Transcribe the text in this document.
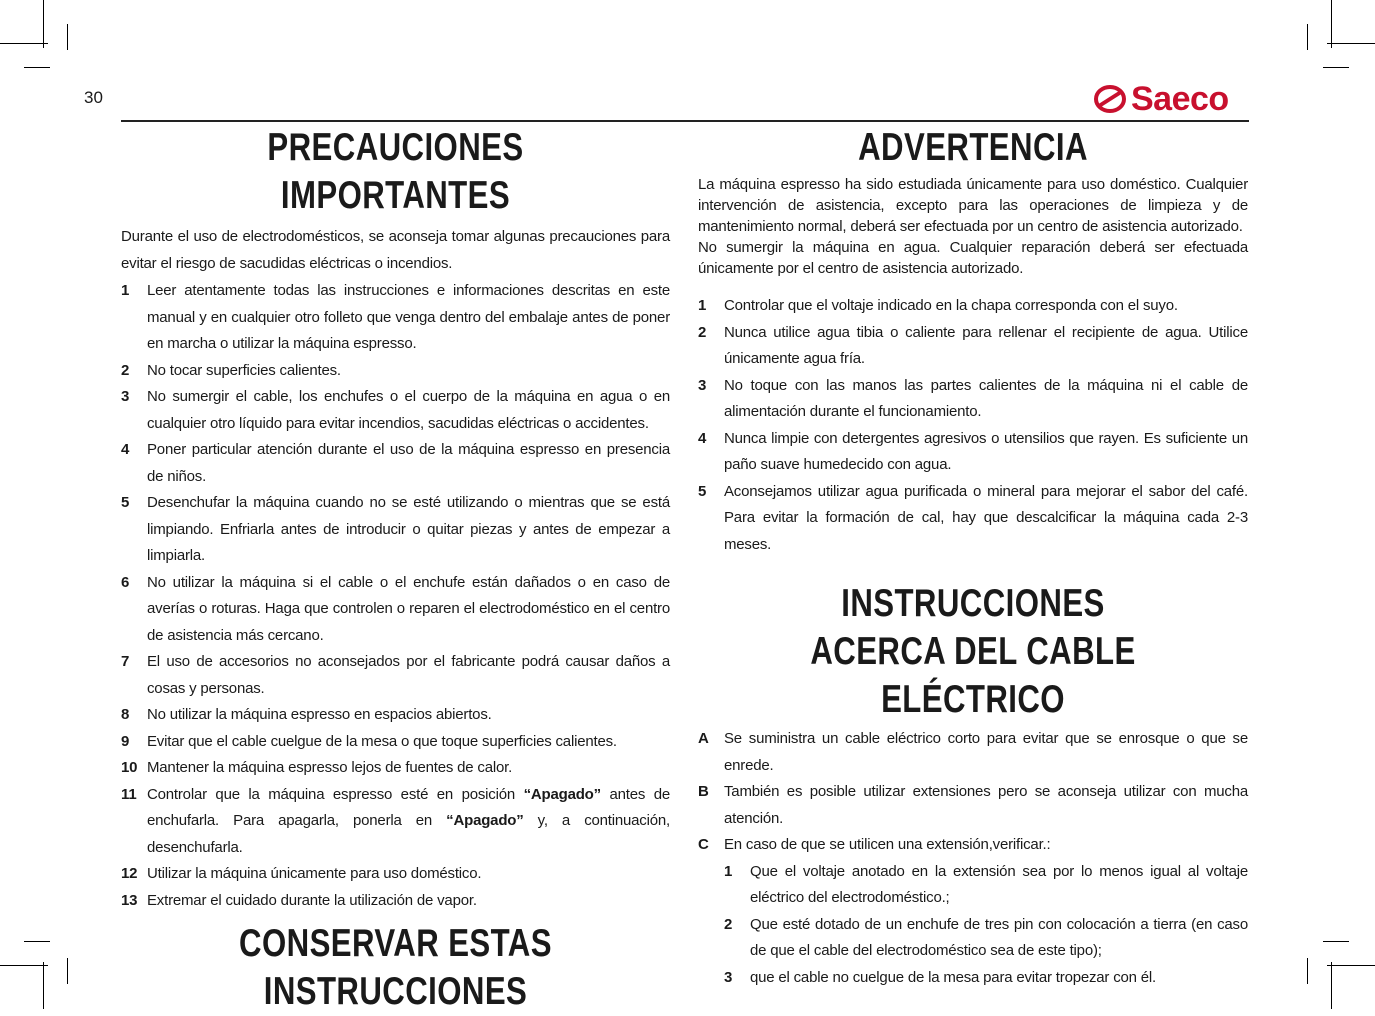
30	Saeco
PRECAUCIONES IMPORTANTES

Durante el uso de electrodomésticos, se aconseja tomar algunas precauciones para evitar el riesgo de sacudidas eléctricas o incendios.

1	Leer atentamente todas las instrucciones e informaciones descritas en este manual y en cualquier otro folleto que venga dentro del embalaje antes de poner en marcha o utilizar la máquina espresso.
2	No tocar superficies calientes.
3	No sumergir el cable, los enchufes o el cuerpo de la máquina en agua o en cualquier otro líquido para evitar incendios, sacudidas eléctricas o accidentes.
4	Poner particular atención durante el uso de la máquina espresso en presencia de niños.
5	Desenchufar la máquina cuando no se esté utilizando o mientras que se está limpiando. Enfriarla antes de introducir o quitar piezas y antes de empezar a limpiarla.
6	No utilizar la máquina si el cable o el enchufe están dañados o en caso de averías o roturas. Haga que controlen o reparen el electrodoméstico en el centro de asistencia más cercano.
7	El uso de accesorios no aconsejados por el fabricante podrá causar daños a cosas y personas.
8	No utilizar la máquina espresso en espacios abiertos.
9	Evitar que el cable cuelgue de la mesa o que toque superficies calientes.
10 Mantener la máquina espresso lejos de fuentes de calor.
11 Controlar que la máquina espresso esté en posición “Apagado” antes de enchufarla. Para apagarla, ponerla en “Apagado” y, a continuación, desenchufarla.
12 Utilizar la máquina únicamente para uso doméstico.
13 Extremar el cuidado durante la utilización de vapor.
CONSERVAR ESTAS INSTRUCCIONES
ADVERTENCIA

La máquina espresso ha sido estudiada únicamente para uso doméstico. Cualquier intervención de asistencia, excepto para las operaciones de limpieza y de mantenimiento normal, deberá ser efectuada por un centro de asistencia autorizado.

No sumergir la máquina en agua. Cualquier reparación deberá ser efectuada únicamente por el centro de asistencia autorizado.

1	Controlar que el voltaje indicado en la chapa corresponda con el suyo.
2	Nunca utilice agua tibia o caliente para rellenar el recipiente de agua. Utilice únicamente agua fría.
3	No toque con las manos las partes calientes de la máquina ni el cable de alimentación durante el funcionamiento.
4	Nunca limpie con detergentes agresivos o utensilios que rayen. Es suficiente un paño suave humedecido con agua.
5	Aconsejamos utilizar agua purificada o mineral para mejorar el sabor del café. Para evitar la formación de cal, hay que descalcificar la máquina cada 2-3 meses.
INSTRUCCIONES ACERCA DEL CABLE ELÉCTRICO
A	Se suministra un cable eléctrico corto para evitar que se enrosque o que se enrede.
B	También es posible utilizar extensiones pero se aconseja utilizar con mucha atención.
C	En caso de que se utilicen una extensión,verificar.:
1	Que el voltaje anotado en la extensión sea por lo menos igual al voltaje eléctrico del electrodoméstico.;
2	Que esté dotado de un enchufe de tres pin con colocación a tierra (en caso de que el cable del electrodoméstico sea de este tipo);
3	que el cable no cuelgue de la mesa para evitar tropezar con él.
